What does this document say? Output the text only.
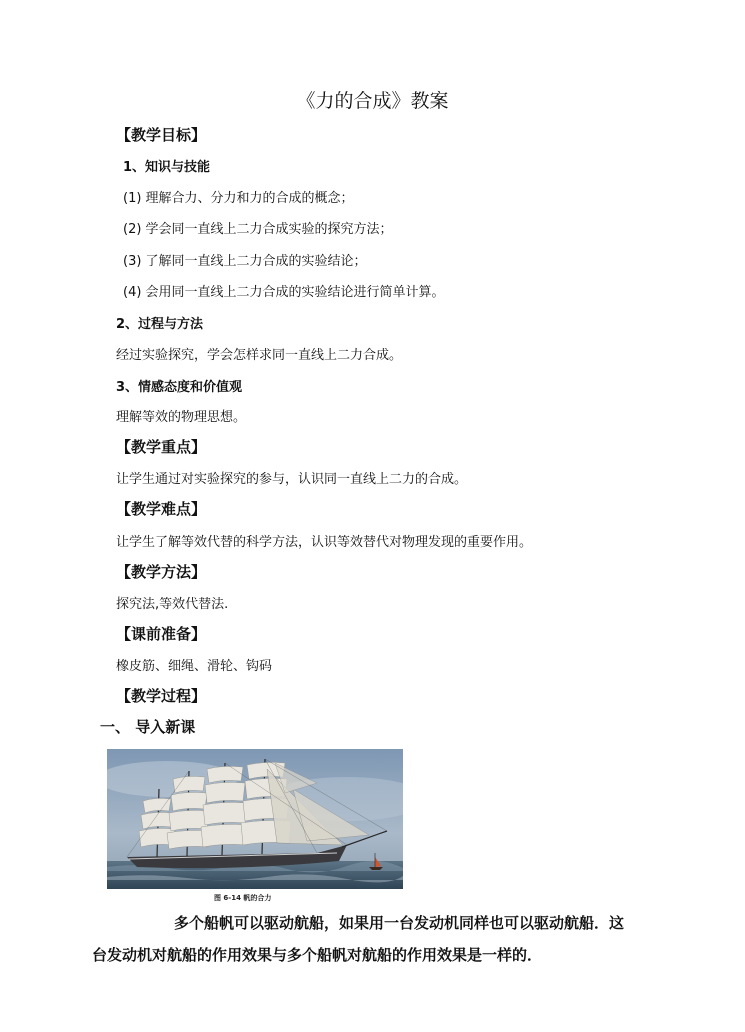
《力的合成》教案
【教学目标】
1、知识与技能
(1) 理解合力、分力和力的合成的概念；
(2) 学会同一直线上二力合成实验的探究方法；
(3) 了解同一直线上二力合成的实验结论；
(4) 会用同一直线上二力合成的实验结论进行简单计算。
2、过程与方法
经过实验探究，学会怎样求同一直线上二力合成。
3、情感态度和价值观
理解等效的物理思想。
【教学重点】
让学生通过对实验探究的参与，认识同一直线上二力的合成。
【教学难点】
让学生了解等效代替的科学方法，认识等效替代对物理发现的重要作用。
【教学方法】
探究法,等效代替法.
【课前准备】
橡皮筋、细绳、滑轮、钩码
【教学过程】
一、 导入新课
图 6-14 帆的合力
多个船帆可以驱动航船，如果用一台发动机同样也可以驱动航船．这
台发动机对航船的作用效果与多个船帆对航船的作用效果是一样的．
